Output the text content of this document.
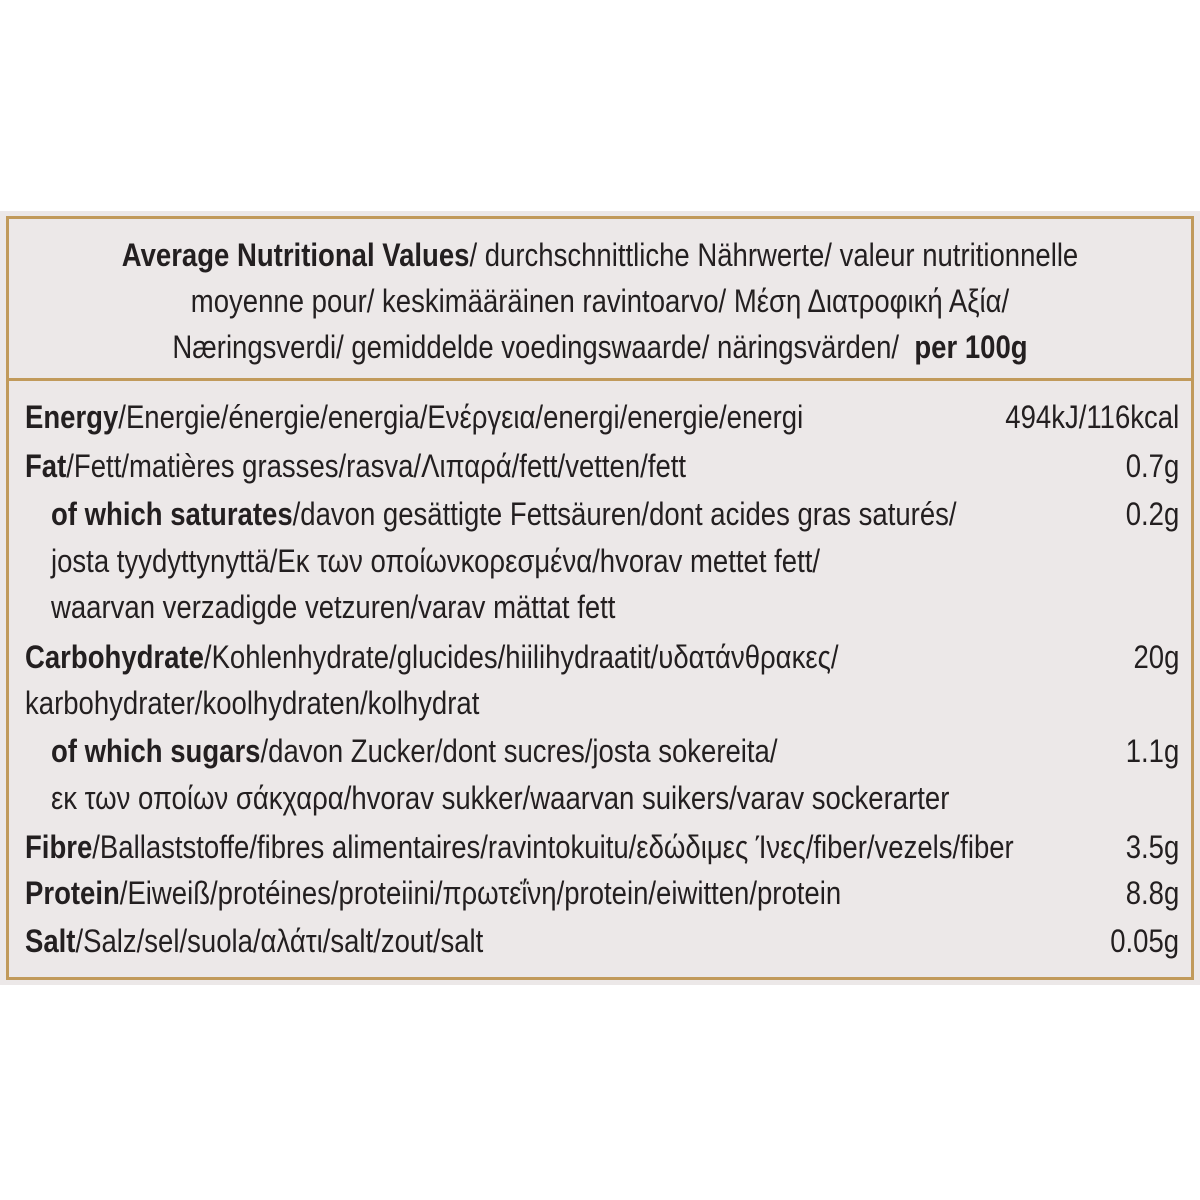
Average Nutritional Values/ durchschnittliche Nährwerte/ valeur nutritionnelle
moyenne pour/ keskimääräinen ravintoarvo/ Μέση Διατροφική Αξία/
Næringsverdi/ gemiddelde voedingswaarde/ näringsvärden/ per 100g
Energy/Energie/énergie/energia/Ενέργεια/energi/energie/energi	494kJ/116kcal
Fat/Fett/matières grasses/rasva/Λιπαρά/fett/vetten/fett	0.7g
of which saturates/davon gesättigte Fettsäuren/dont acides gras saturés/	0.2g
josta tyydyttynyttä/Εκ των οποίωνκορεσμένα/hvorav mettet fett/
waarvan verzadigde vetzuren/varav mättat fett
Carbohydrate/Kohlenhydrate/glucides/hiilihydraatit/υδατάνθρακες/	20g
karbohydrater/koolhydraten/kolhydrat
of which sugars/davon Zucker/dont sucres/josta sokereita/	1.1g
εκ των οποίων σάκχαρα/hvorav sukker/waarvan suikers/varav sockerarter
Fibre/Ballaststoffe/fibres alimentaires/ravintokuitu/εδώδιμες Ίνες/fiber/vezels/fiber	3.5g
Protein/Eiweiß/protéines/proteiini/πρωτεΐνη/protein/eiwitten/protein	8.8g
Salt/Salz/sel/suola/αλάτι/salt/zout/salt	0.05g
